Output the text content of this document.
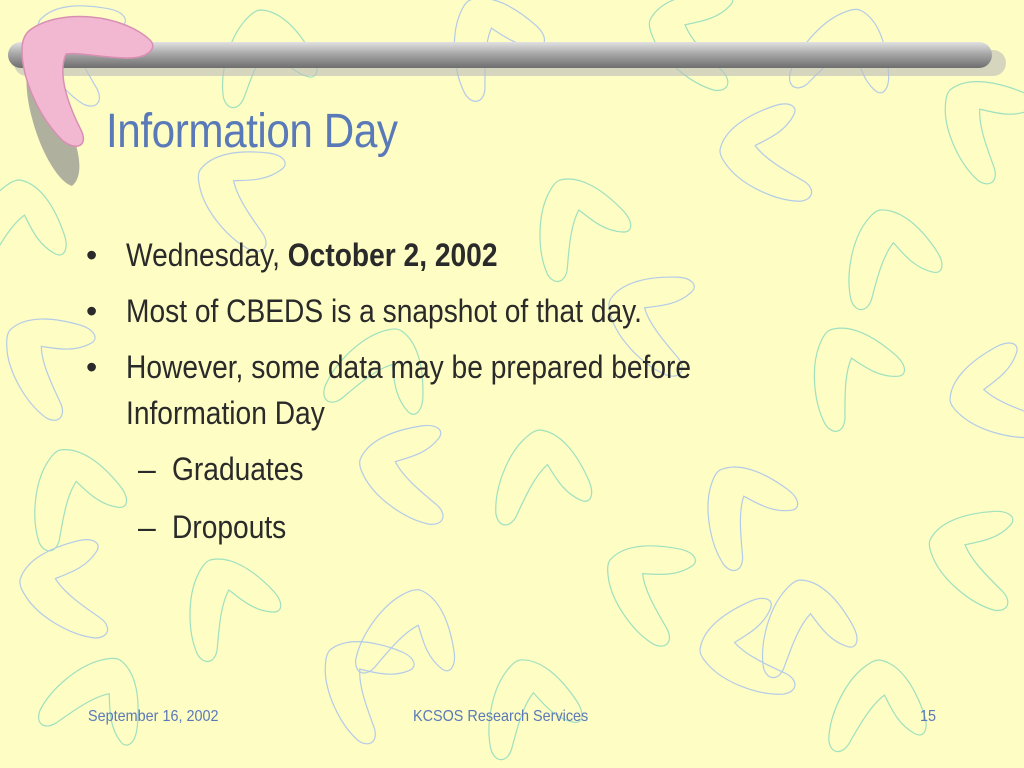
Information Day
• Wednesday, October 2, 2002
• Most of CBEDS is a snapshot of that day.
• However, some data may be prepared before
Information Day
– Graduates
– Dropouts
September 16, 2002	KCSOS Research Services	15
